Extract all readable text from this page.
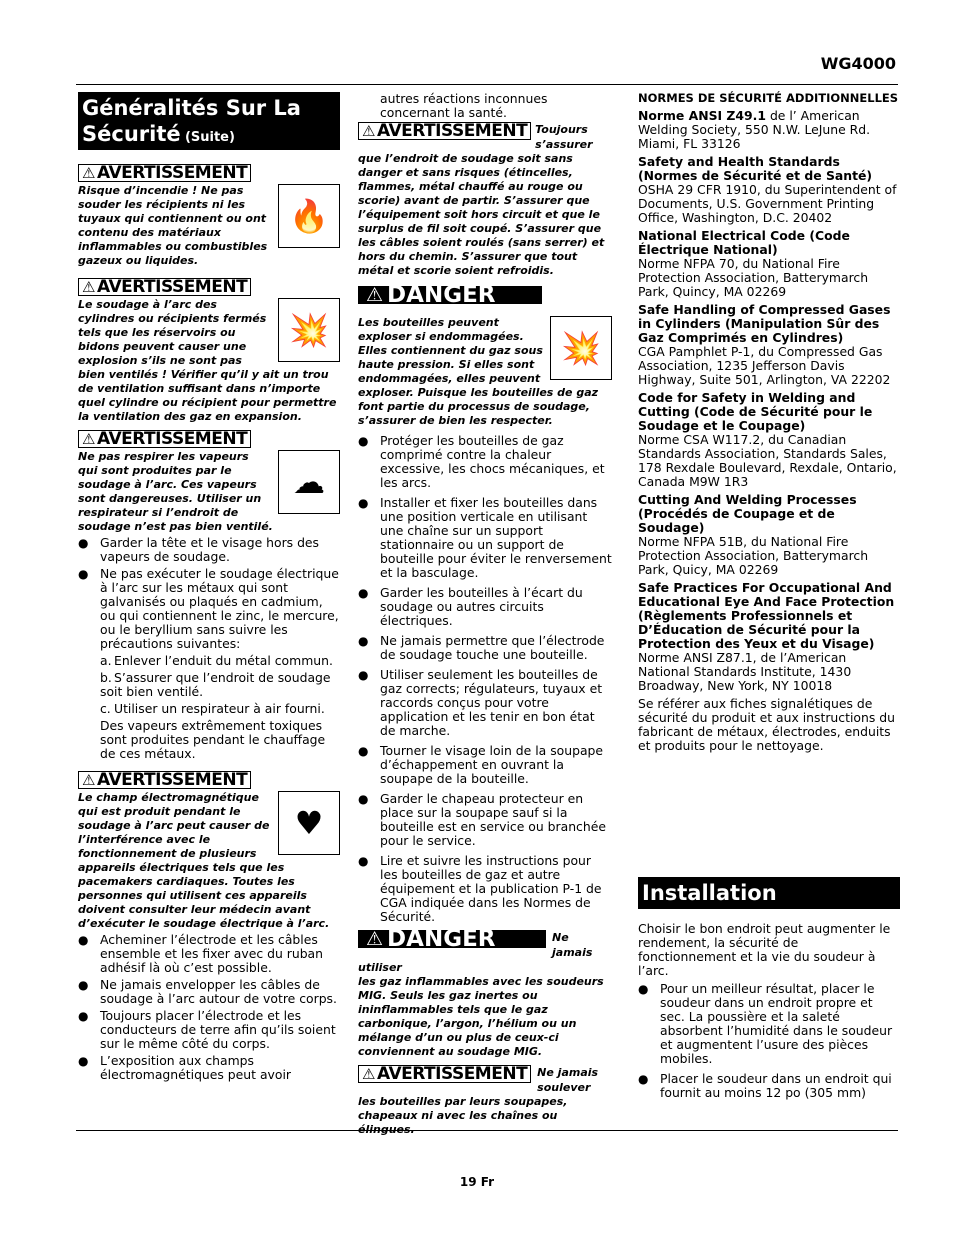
WG4000
Généralités Sur La Sécurité (Suite)
⚠ AVERTISSEMENT
🔥
Risque d’incendie ! Ne pas souder les récipients ni les tuyaux qui contiennent ou ont contenu des matériaux inflammables ou combustibles gazeux ou liquides.
⚠ AVERTISSEMENT
💥
Le soudage à l’arc des cylindres ou récipients fermés tels que les réservoirs ou bidons peuvent causer une explosion s’ils ne sont pas bien ventilés ! Vérifier qu’il y ait un trou de ventilation suffisant dans n’importe quel cylindre ou récipient pour permettre la ventilation des gaz en expansion.
⚠ AVERTISSEMENT
☁
Ne pas respirer les vapeurs qui sont produites par le soudage à l’arc. Ces vapeurs sont dangereuses. Utiliser un respirateur si l’endroit de soudage n’est pas bien ventilé.
● Garder la tête et le visage hors des vapeurs de soudage.
● Ne pas exécuter le soudage électrique à l’arc sur les métaux qui sont galvanisés ou plaqués en cadmium, ou qui contiennent le zinc, le mercure, ou le beryllium sans suivre les précautions suivantes:
a. Enlever l’enduit du métal commun.
b. S’assurer que l’endroit de soudage soit bien ventilé.
c. Utiliser un respirateur à air fourni.
Des vapeurs extrêmement toxiques sont produites pendant le chauffage de ces métaux.
⚠ AVERTISSEMENT
♥
Le champ électromagnétique qui est produit pendant le soudage à l’arc peut causer de l’interférence avec le fonctionnement de plusieurs appareils électriques tels que les pacemakers cardiaques. Toutes les personnes qui utilisent ces appareils doivent consulter leur médecin avant d’exécuter le soudage électrique à l’arc.
● Acheminer l’électrode et les câbles ensemble et les fixer avec du ruban adhésif là où c’est possible.
● Ne jamais envelopper les câbles de soudage à l’arc autour de votre corps.
● Toujours placer l’électrode et les conducteurs de terre afin qu’ils soient sur le même côté du corps.
● L’exposition aux champs électromagnétiques peut avoir
autres réactions inconnues concernant la santé.
⚠ AVERTISSEMENT Toujours s’assurer
que l’endroit de soudage soit sans danger et sans risques (étincelles, flammes, métal chauffé au rouge ou scorie) avant de partir. S’assurer que l’équipement soit hors circuit et que le surplus de fil soit coupé. S’assurer que les câbles soient roulés (sans serrer) et hors du chemin. S’assurer que tout métal et scorie soient refroidis.
⚠ DANGER
💥
Les bouteilles peuvent exploser si endommagées. Elles contiennent du gaz sous haute pression. Si elles sont endommagées, elles peuvent exploser. Puisque les bouteilles de gaz font partie du processus de soudage, s’assurer de bien les respecter.
● Protéger les bouteilles de gaz comprimé contre la chaleur excessive, les chocs mécaniques, et les arcs.
● Installer et fixer les bouteilles dans une position verticale en utilisant une chaîne sur un support stationnaire ou un support de bouteille pour éviter le renversement et la basculage.
● Garder les bouteilles à l’écart du soudage ou autres circuits électriques.
● Ne jamais permettre que l’électrode de soudage touche une bouteille.
● Utiliser seulement les bouteilles de gaz corrects; régulateurs, tuyaux et raccords conçus pour votre application et les tenir en bon état de marche.
● Tourner le visage loin de la soupape d’échappement en ouvrant la soupape de la bouteille.
● Garder le chapeau protecteur en place sur la soupape sauf si la bouteille est en service ou branchée pour le service.
● Lire et suivre les instructions pour les bouteilles de gaz et autre équipement et la publication P-1 de CGA indiquée dans les Normes de Sécurité.
⚠ DANGER	Ne jamais utiliser
les gaz inflammables avec les soudeurs MIG. Seuls les gaz inertes ou ininflammables tels que le gaz carbonique, l’argon, l’hélium ou un mélange d’un ou plus de ceux-ci conviennent au soudage MIG.
⚠ AVERTISSEMENT Ne jamais soulever
les bouteilles par leurs soupapes, chapeaux ni avec les chaînes ou élingues.
NORMES DE SÉCURITÉ ADDITIONNELLES
Norme ANSI Z49.1 de l’ American Welding Society, 550 N.W. LeJune Rd. Miami, FL 33126
Safety and Health Standards (Normes de Sécurité et de Santé)
OSHA 29 CFR 1910, du Superintendent of Documents, U.S. Government Printing Office, Washington, D.C. 20402
National Electrical Code (Code Électrique National)
Norme NFPA 70, du National Fire Protection Association, Batterymarch Park, Quincy, MA 02269
Safe Handling of Compressed Gases in Cylinders (Manipulation Sûr des Gaz Comprimés en Cylindres)
CGA Pamphlet P-1, du Compressed Gas Association, 1235 Jefferson Davis Highway, Suite 501, Arlington, VA 22202
Code for Safety in Welding and Cutting (Code de Sécurité pour le Soudage et le Coupage)
Norme CSA W117.2, du Canadian Standards Association, Standards Sales, 178 Rexdale Boulevard, Rexdale, Ontario, Canada M9W 1R3
Cutting And Welding Processes (Procédés de Coupage et de Soudage)
Norme NFPA 51B, du National Fire Protection Association, Batterymarch Park, Quicy, MA 02269
Safe Practices For Occupational And Educational Eye And Face Protection (Règlements Professionnels et D’Éducation de Sécurité pour la Protection des Yeux et du Visage)
Norme ANSI Z87.1, de l’American National Standards Institute, 1430 Broadway, New York, NY 10018
Se référer aux fiches signalétiques de sécurité du produit et aux instructions du fabricant de métaux, électrodes, enduits et produits pour le nettoyage.
Installation
Choisir le bon endroit peut augmenter le rendement, la sécurité de fonctionnement et la vie du soudeur à l’arc.
● Pour un meilleur résultat, placer le soudeur dans un endroit propre et sec. La poussière et la saleté absorbent l’humidité dans le soudeur et augmentent l’usure des pièces mobiles.
● Placer le soudeur dans un endroit qui fournit au moins 12 po (305 mm)
19 Fr
